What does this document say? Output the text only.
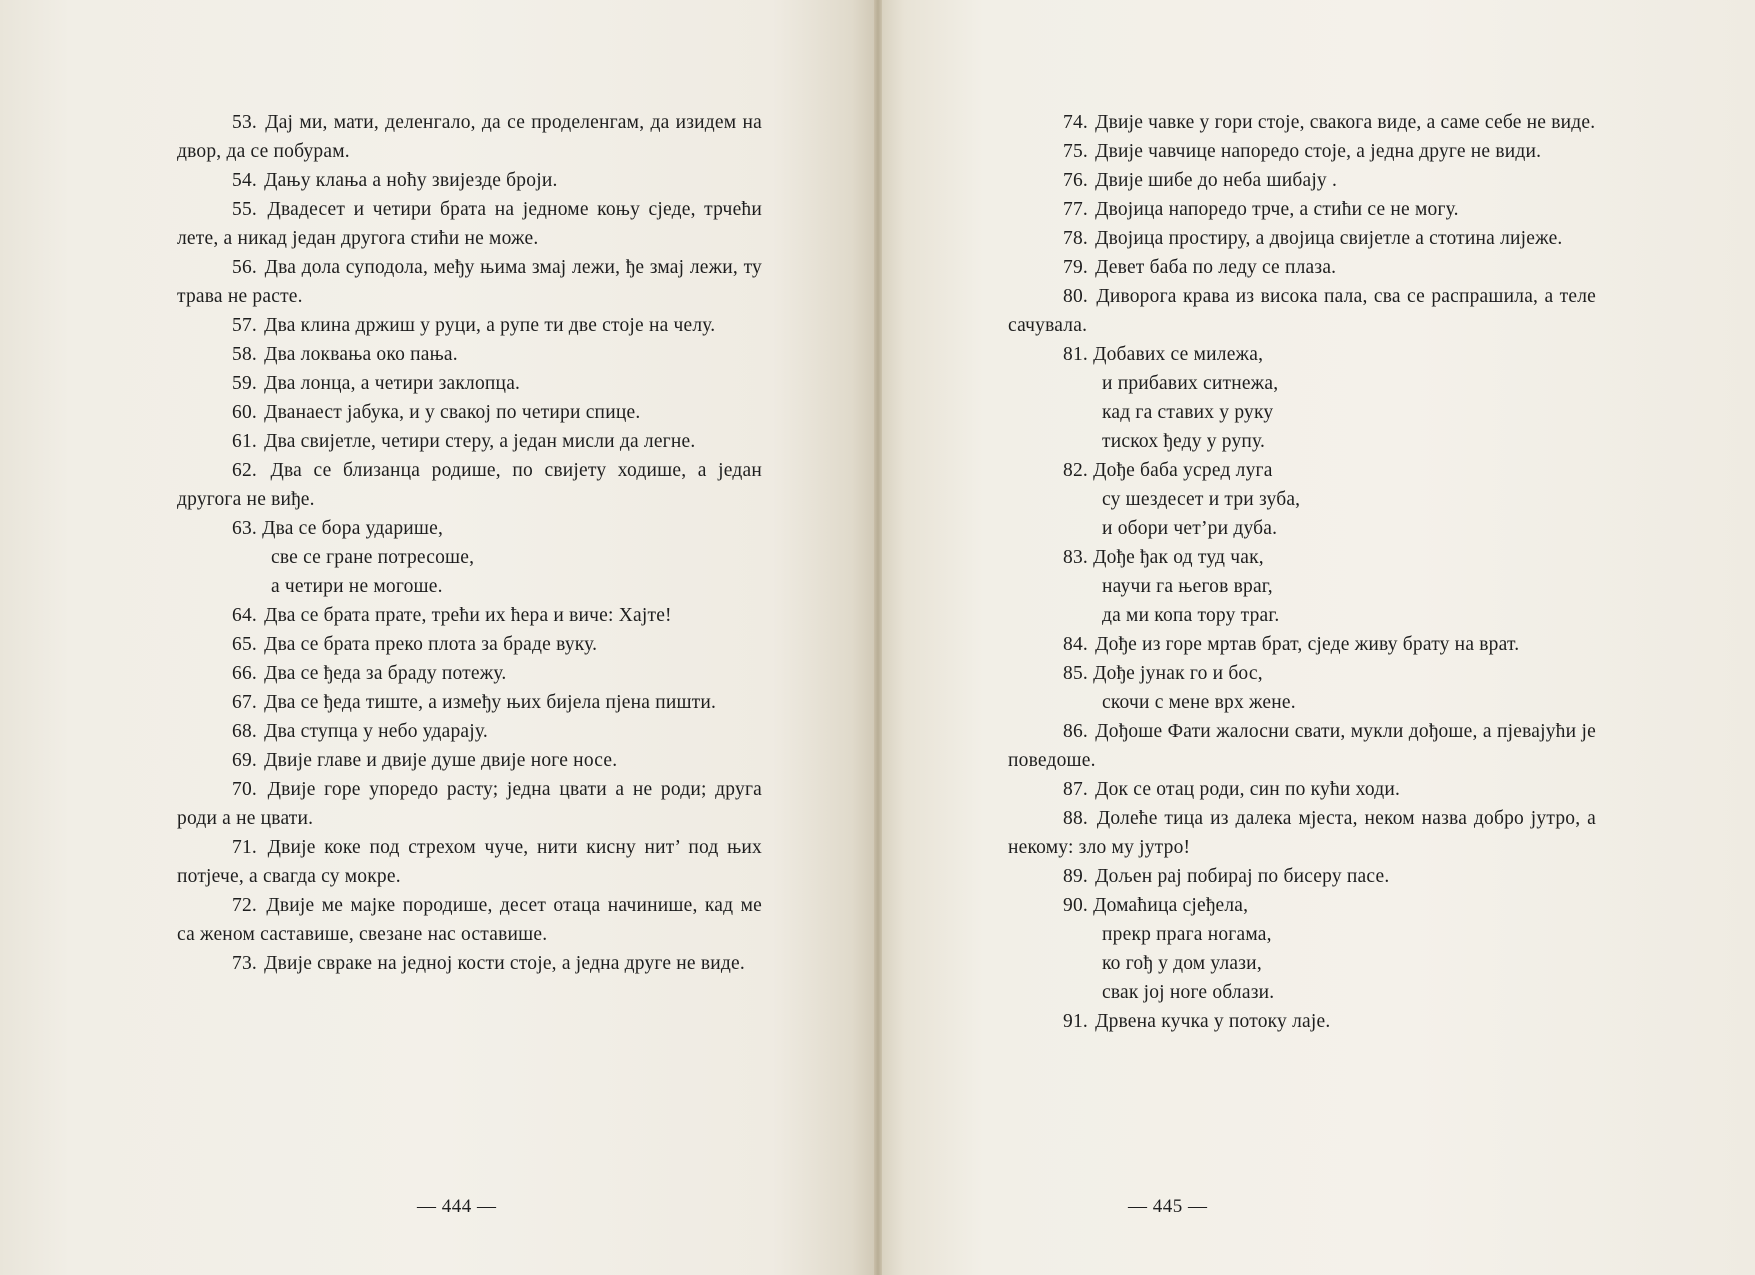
53. Дај ми, мати, деленгало, да се проделенгам, да изидем на двор, да се побурам.

54. Дању клања а ноћу звијезде броји.

55. Двадесет и четири брата на једноме коњу сједе, трчећи лете, а никад један другога стићи не може.

56. Два дола суподола, међу њима змај лежи, ђе змај лежи, ту трава не расте.

57. Два клина држиш у руци, а рупе ти две стоје на челу.

58. Два локвања око пања.

59. Два лонца, а четири заклопца.

60. Дванаест јабука, и у свакој по четири спице.

61. Два свијетле, четири стеру, а један мисли да легне.

62. Два се близанца родише, по свијету ходише, а један другога не виђе.

63. Два се бора ударише,
све се гране потресоше,
а четири не могоше.

64. Два се брата прате, трећи их ћера и виче: Хајте!

65. Два се брата преко плота за браде вуку.

66. Два се ђеда за браду потежу.

67. Два се ђеда тиште, а између њих бијела пјена пишти.

68. Два ступца у небо ударају.

69. Двије главе и двије душе двије ноге носе.

70. Двије горе упоредо расту; једна цвати а не роди; друга роди а не цвати.

71. Двије коке под стрехом чуче, нити кисну нит’ под њих потјече, а свагда су мокре.

72. Двије ме мајке породише, десет отаца начинише, кад ме са женом саставише, свезане нас оставише.

73. Двије свраке на једној кости стоје, а једна друге не виде.

— 444 —

74. Двије чавке у гори стоје, свакога виде, а саме себе не виде.

75. Двије чавчице напоредо стоје, а једна друге не види.

76. Двије шибе до неба шибају .

77. Двојица напоредо трче, а стићи се не могу.

78. Двојица простиру, а двојица свијетле а стотина лијеже.

79. Девет баба по леду се плаза.

80. Диворога крава из висока пала, сва се распрашила, а теле сачувала.

81. Добавих се милежа,
и прибавих ситнежа,
кад га ставих у руку
тискох ђеду у рупу.
82. Дође баба усред луга
су шездесет и три зуба,
и обори чет’ри дуба.
83. Дође ђак од туд чак,
научи га његов враг,
да ми копа тору траг.

84. Дође из горе мртав брат, сједе живу брату на врат.

85. Дође јунак го и бос,
скочи с мене врх жене.

86. Дођоше Фати жалосни свати, мукли дођоше, а пјевајући је поведоше.

87. Док се отац роди, син по кући ходи.

88. Долеће тица из далека мјеста, неком назва добро јутро, а некому: зло му јутро!

89. Дољен рај побирај по бисеру пасе.

90. Домаћица сјеђела,
прекр прага ногама,
ко гођ у дом улази,
свак јој ноге облази.

91. Дрвена кучка у потоку лаје.

— 445 —
